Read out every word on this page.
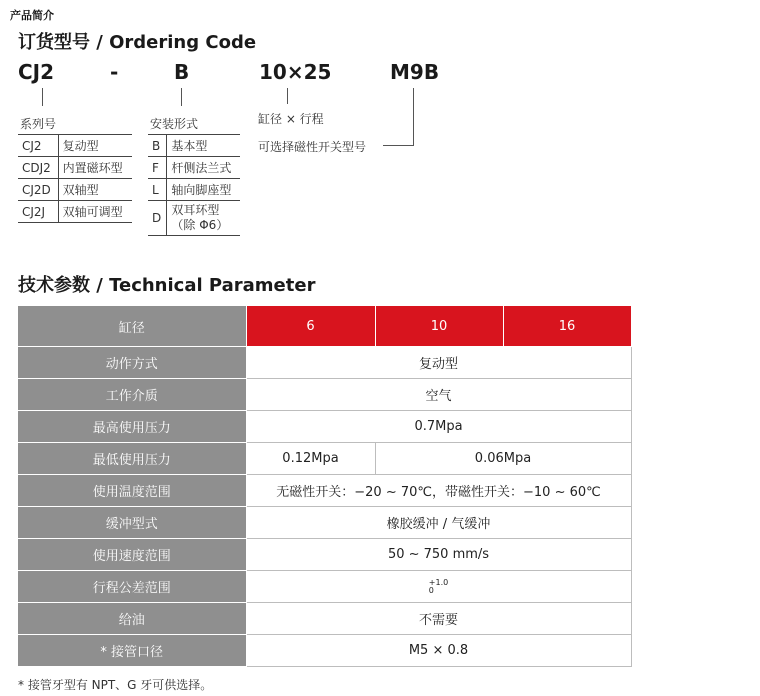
产品简介
订货型号 / Ordering Code
CJ2	-	B	10×25	M9B
缸径 × 行程
可选择磁性开关型号
系列号	
CJ2	复动型
CDJ2	内置磁环型
CJ2D	双轴型
CJ2J	双轴可调型
安装形式	
B	基本型
F	杆侧法兰式
L	轴向脚座型
D	双耳环型
（除 Φ6）
技术参数 / Technical Parameter
缸径	6	10	16
动作方式	复动型		
工作介质	空气		
最高使用压力	0.7Mpa		
最低使用压力	0.12Mpa	0.06Mpa	
使用温度范围	无磁性开关：−20 ~ 70℃，带磁性开关：−10 ~ 60℃		
缓冲型式	橡胶缓冲 / 气缓冲		
使用速度范围	50 ~ 750 mm/s		
行程公差范围	+1.0
0		
给油	不需要		
* 接管口径	M5 × 0.8		
* 接管牙型有 NPT、G 牙可供选择。
